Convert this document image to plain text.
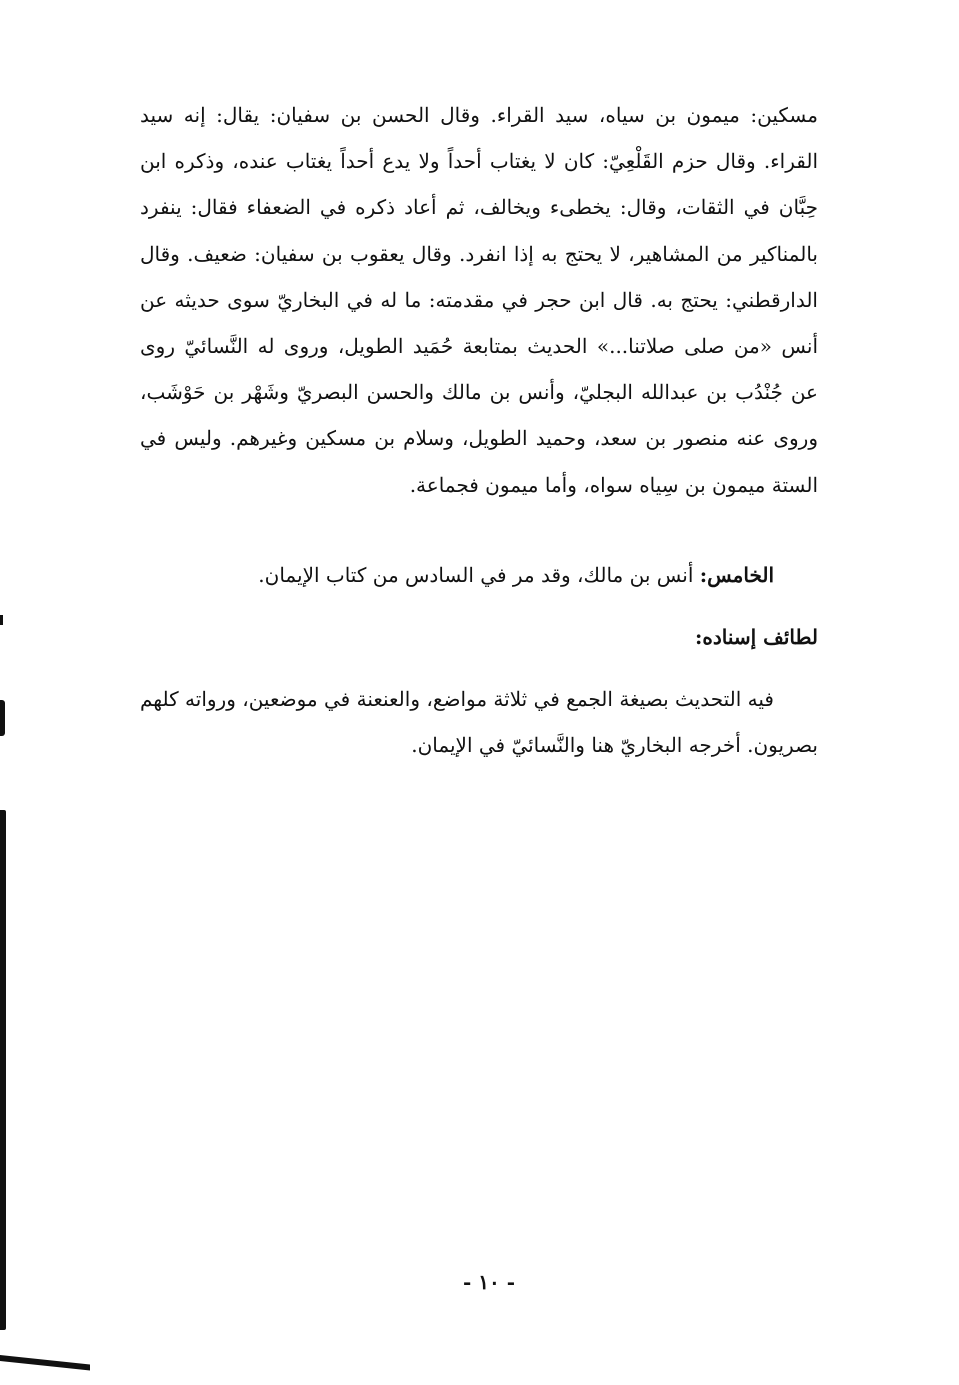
مسكين: ميمون بن سياه، سيد القراء. وقال الحسن بن سفيان: يقال: إنه سيد القراء. وقال حزم القَلْعِيّ: كان لا يغتاب أحداً ولا يدع أحداً يغتاب عنده، وذكره ابن حِبَّان في الثقات، وقال: يخطىء ويخالف، ثم أعاد ذكره في الضعفاء فقال: ينفرد بالمناكير من المشاهير، لا يحتج به إذا انفرد. وقال يعقوب بن سفيان: ضعيف. وقال الدارقطني: يحتج به. قال ابن حجر في مقدمته: ما له في البخاريّ سوى حديثه عن أنس «من صلى صلاتنا...» الحديث بمتابعة حُمَيد الطويل، وروى له النَّسائيّ روى عن جُنْدُب بن عبدالله البجليّ، وأنس بن مالك والحسن البصريّ وشَهْر بن حَوْشَب، وروى عنه منصور بن سعد، وحميد الطويل، وسلام بن مسكين وغيرهم. وليس في الستة ميمون بن سِياه سواه، وأما ميمون فجماعة.

الخامس: أنس بن مالك، وقد مر في السادس من كتاب الإيمان.

لطائف إسناده:

فيه التحديث بصيغة الجمع في ثلاثة مواضع، والعنعنة في موضعين، ورواته كلهم بصريون. أخرجه البخاريّ هنا والنَّسائيّ في الإيمان.

- ١٠ -
